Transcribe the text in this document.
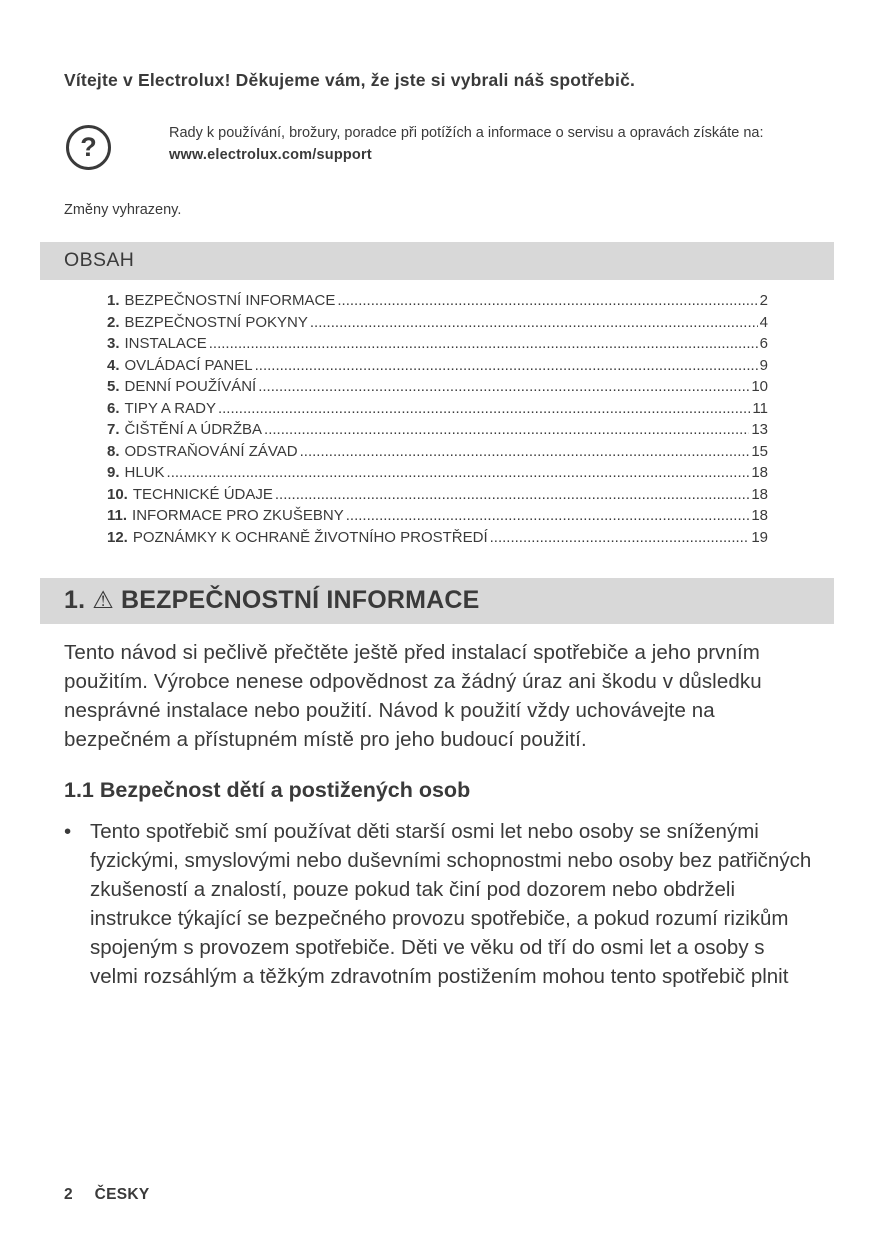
Vítejte v Electrolux! Děkujeme vám, že jste si vybrali náš spotřebič.
?	Rady k používání, brožury, poradce při potížích a informace o servisu a opravách získáte na:
www.electrolux.com/support
Změny vyhrazeny.
OBSAH
1. BEZPEČNOSTNÍ INFORMACE .....	2
2. BEZPEČNOSTNÍ POKYNY .....	4
3. INSTALACE .....	6
4. OVLÁDACÍ PANEL .....	9
5. DENNÍ POUŽÍVÁNÍ .....	10
6. TIPY A RADY .....	11
7. ČIŠTĚNÍ A ÚDRŽBA .....	13
8. ODSTRAŇOVÁNÍ ZÁVAD .....	15
9. HLUK .....	18
10. TECHNICKÉ ÚDAJE .....	18
11. INFORMACE PRO ZKUŠEBNY .....	18
12. POZNÁMKY K OCHRANĚ ŽIVOTNÍHO PROSTŘEDÍ .....	19
1. ⚠ BEZPEČNOSTNÍ INFORMACE
Tento návod si pečlivě přečtěte ještě před instalací spotřebiče a jeho prvním použitím. Výrobce nenese odpovědnost za žádný úraz ani škodu v důsledku nesprávné instalace nebo použití. Návod k použití vždy uchovávejte na bezpečném a přístupném místě pro jeho budoucí použití.
1.1 Bezpečnost dětí a postižených osob
• Tento spotřebič smí používat děti starší osmi let nebo osoby se sníženými fyzickými, smyslovými nebo duševními schopnostmi nebo osoby bez patřičných zkušeností a znalostí, pouze pokud tak činí pod dozorem nebo obdrželi instrukce týkající se bezpečného provozu spotřebiče, a pokud rozumí rizikům spojeným s provozem spotřebiče. Děti ve věku od tří do osmi let a osoby s velmi rozsáhlým a těžkým zdravotním postižením mohou tento spotřebič plnit
2 ČESKY
